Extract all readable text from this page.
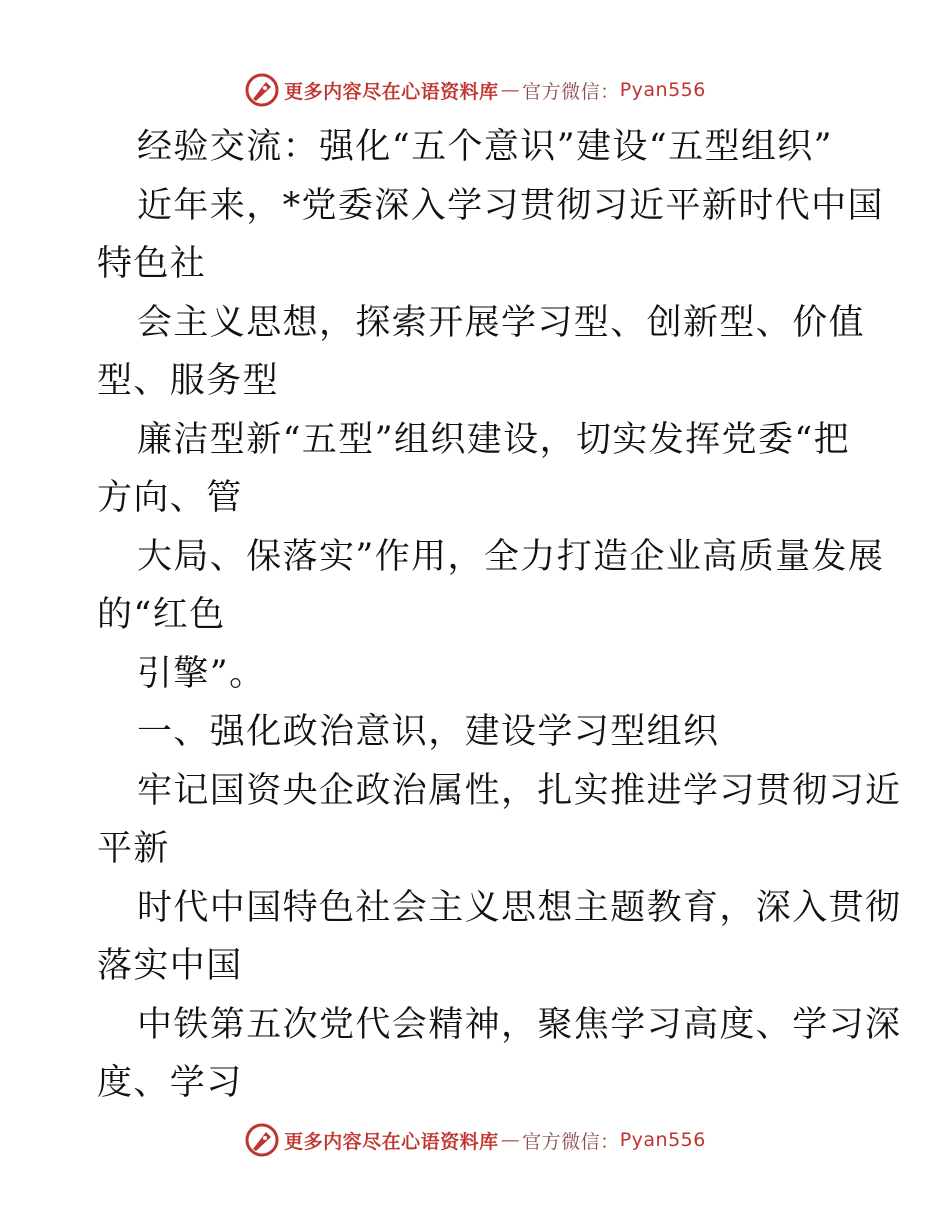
更多内容尽在心语资料库 — 官方微信： Pyan556
经验交流：强化“五个意识”建设“五型组织”
近年来，*党委深入学习贯彻习近平新时代中国
特色社
会主义思想，探索开展学习型、创新型、价值
型、服务型
廉洁型新“五型”组织建设，切实发挥党委“把
方向、管
大局、保落实”作用，全力打造企业高质量发展
的“红色
引擎”。
一、强化政治意识，建设学习型组织
牢记国资央企政治属性，扎实推进学习贯彻习近
平新
时代中国特色社会主义思想主题教育，深入贯彻
落实中国
中铁第五次党代会精神，聚焦学习高度、学习深
度、学习
更多内容尽在心语资料库 — 官方微信： Pyan556
